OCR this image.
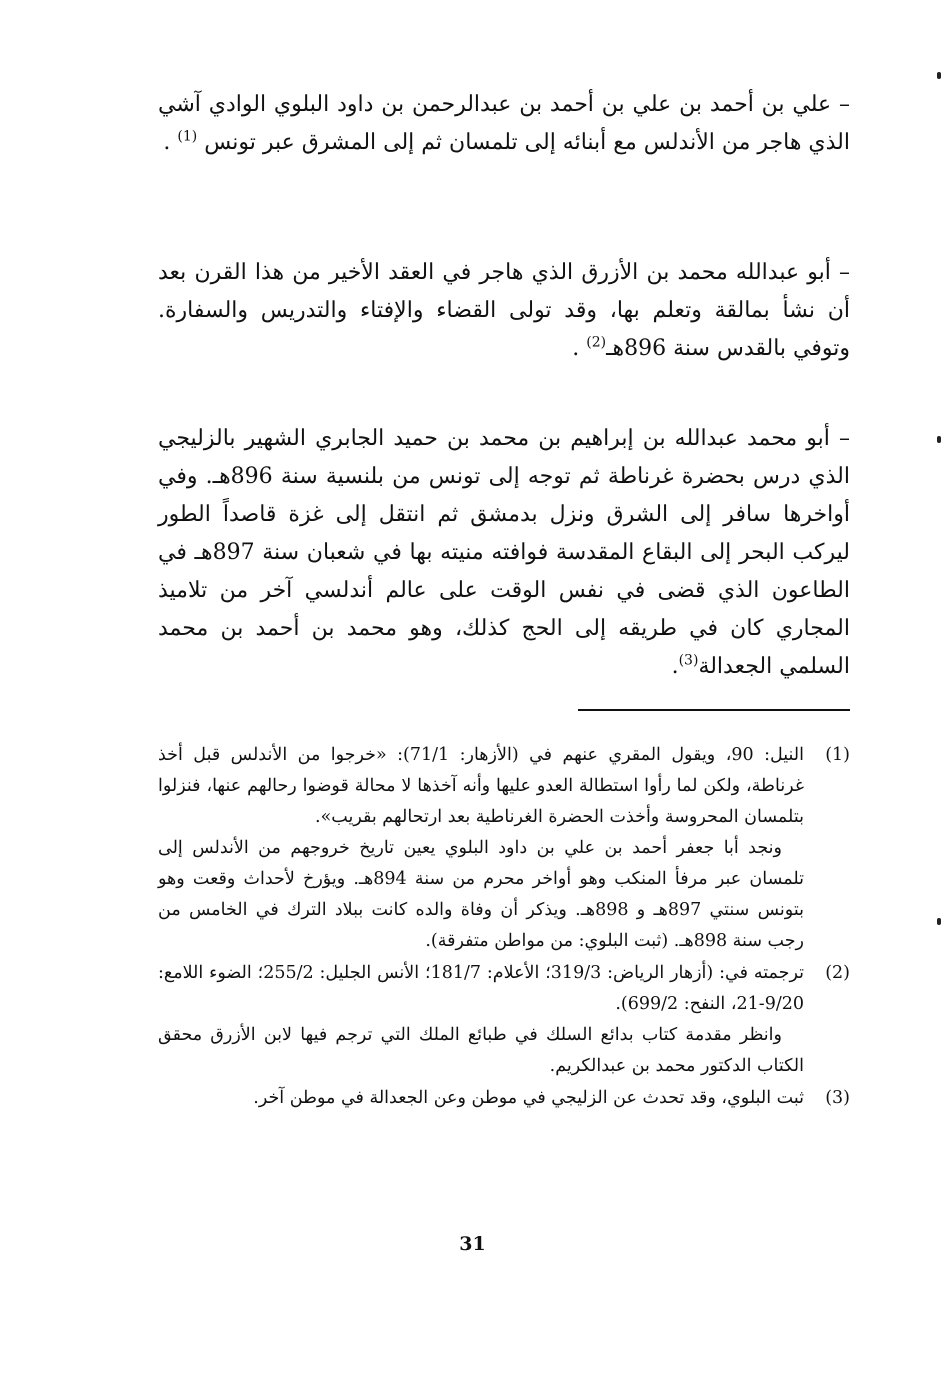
– علي بن أحمد بن علي بن أحمد بن عبدالرحمن بن داود البلوي الوادي آشي الذي هاجر من الأندلس مع أبنائه إلى تلمسان ثم إلى المشرق عبر تونس $^{(1)}$ .

– أبو عبدالله محمد بن الأزرق الذي هاجر في العقد الأخير من هذا القرن بعد أن نشأ بمالقة وتعلم بها، وقد تولى القضاء والإفتاء والتدريس والسفارة. وتوفي بالقدس سنة 896هـ$^{(2)}$ .

– أبو محمد عبدالله بن إبراهيم بن محمد بن حميد الجابري الشهير بالزليجي الذي درس بحضرة غرناطة ثم توجه إلى تونس من بلنسية سنة 896هـ. وفي أواخرها سافر إلى الشرق ونزل بدمشق ثم انتقل إلى غزة قاصداً الطور ليركب البحر إلى البقاع المقدسة فوافته منيته بها في شعبان سنة 897هـ في الطاعون الذي قضى في نفس الوقت على عالم أندلسي آخر من تلاميذ المجاري كان في طريقه إلى الحج كذلك، وهو محمد بن أحمد بن محمد السلمي الجعدالة$^{(3)}$.

(1)

النيل: 90، ويقول المقري عنهم في (الأزهار: 71/1): «خرجوا من الأندلس قبل أخذ غرناطة، ولكن لما رأوا استطالة العدو عليها وأنه آخذها لا محالة قوضوا رحالهم عنها، فنزلوا بتلمسان المحروسة وأخذت الحضرة الغرناطية بعد ارتحالهم بقريب».

ونجد أبا جعفر أحمد بن علي بن داود البلوي يعين تاريخ خروجهم من الأندلس إلى تلمسان عبر مرفأ المنكب وهو أواخر محرم من سنة 894هـ. ويؤرخ لأحداث وقعت وهو بتونس سنتي 897هـ و 898هـ. ويذكر أن وفاة والده كانت ببلاد الترك في الخامس من رجب سنة 898هـ. (ثبت البلوي: من مواطن متفرقة).

(2)

ترجمته في: (أزهار الرياض: 319/3؛ الأعلام: 181/7؛ الأنس الجليل: 255/2؛ الضوء اللامع: 9/20-21، النفح: 699/2).

وانظر مقدمة كتاب بدائع السلك في طبائع الملك التي ترجم فيها لابن الأزرق محقق الكتاب الدكتور محمد بن عبدالكريم.

(3)

ثبت البلوي، وقد تحدث عن الزليجي في موطن وعن الجعدالة في موطن آخر.

31
